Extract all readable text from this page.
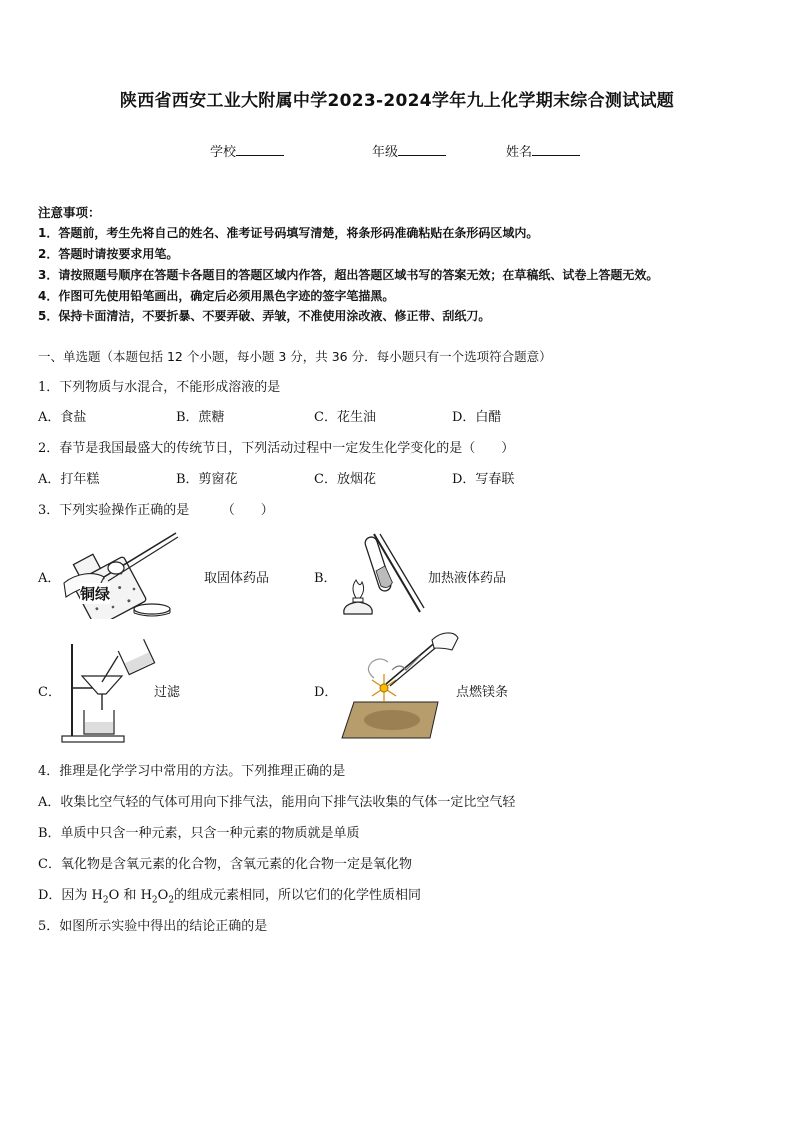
陕西省西安工业大附属中学2023-2024学年九上化学期末综合测试试题
学校	年级	姓名
注意事项：
1．答题前，考生先将自己的姓名、准考证号码填写清楚，将条形码准确粘贴在条形码区域内。
2．答题时请按要求用笔。
3．请按照题号顺序在答题卡各题目的答题区域内作答，超出答题区域书写的答案无效；在草稿纸、试卷上答题无效。
4．作图可先使用铅笔画出，确定后必须用黑色字迹的签字笔描黑。
5．保持卡面清洁，不要折暴、不要弄破、弄皱，不准使用涂改液、修正带、刮纸刀。
一、单选题（本题包括 12 个小题，每小题 3 分，共 36 分．每小题只有一个选项符合题意）
1．下列物质与水混合，不能形成溶液的是
A．食盐	B．蔗糖	C．花生油	D．白醋
2．春节是我国最盛大的传统节日，下列活动过程中一定发生化学变化的是（　　）
A．打年糕	B．剪窗花	C．放烟花	D．写春联
3．下列实验操作正确的是　　　（　　）
A．
铜绿
取固体药品	B．	加热液体药品
C．	过滤	D．	点燃镁条
4．推理是化学学习中常用的方法。下列推理正确的是
A．收集比空气轻的气体可用向下排气法，能用向下排气法收集的气体一定比空气轻
B．单质中只含一种元素，只含一种元素的物质就是单质
C．氧化物是含氧元素的化合物，含氧元素的化合物一定是氧化物
D．因为 $H_2O$ 和 $H_2O_2$的组成元素相同，所以它们的化学性质相同
5．如图所示实验中得出的结论正确的是
